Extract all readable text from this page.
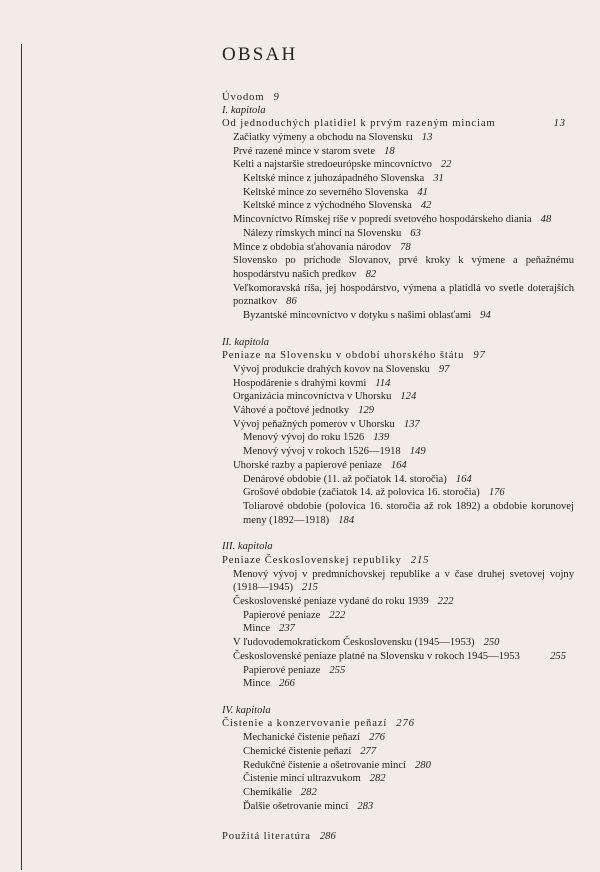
OBSAH
Úvodom 9
I. kapitola
13
Od jednoduchých platidiel k prvým razeným minciam
Začiatky výmeny a obchodu na Slovensku 13
Prvé razené mince v starom svete 18
Kelti a najstaršie stredoeurópske mincovníctvo 22
Keltské mince z juhozápadného Slovenska 31
Keltské mince zo severného Slovenska 41
Keltské mince z východného Slovenska 42
Mincovníctvo Rímskej ríše v popredí svetového hospodárskeho diania 48
Nálezy rímskych mincí na Slovensku 63
Mince z obdobia sťahovania národov 78
Slovensko po príchode Slovanov, prvé kroky k výmene a peňažnému hospodárstvu našich predkov 82
Veľkomoravská ríša, jej hospodárstvo, výmena a platidlá vo svetle doterajších poznatkov 86
Byzantské mincovníctvo v dotyku s našimi oblasťami 94
II. kapitola
Peniaze na Slovensku v období uhorského štátu 97
Vývoj produkcie drahých kovov na Slovensku 97
Hospodárenie s drahými kovmi 114
Organizácia mincovníctva v Uhorsku 124
Váhové a počtové jednotky 129
Vývoj peňažných pomerov v Uhorsku 137
Menový vývoj do roku 1526 139
Menový vývoj v rokoch 1526—1918 149
Uhorské razby a papierové peniaze 164
Denárové obdobie (11. až počiatok 14. storočia) 164
Grošové obdobie (začiatok 14. až polovica 16. storočia) 176
Toliarové obdobie (polovica 16. storočia až rok 1892) a obdobie korunovej meny (1892—1918) 184
III. kapitola
Peniaze Československej republiky 215
Menový vývoj v predmníchovskej republike a v čase druhej svetovej vojny (1918—1945) 215
Československé peniaze vydané do roku 1939 222
Papierové peniaze 222
Mince 237
V ľudovodemokratickom Československu (1945—1953) 250
255
Československé peniaze platné na Slovensku v rokoch 1945—1953
Papierové peniaze 255
Mince 266
IV. kapitola
Čistenie a konzervovanie peňazí 276
Mechanické čistenie peňazí 276
Chemické čistenie peňazí 277
Redukčné čistenie a ošetrovanie mincí 280
Čistenie mincí ultrazvukom 282
Chemikálie 282
Ďalšie ošetrovanie mincí 283
Použitá literatúra 286
